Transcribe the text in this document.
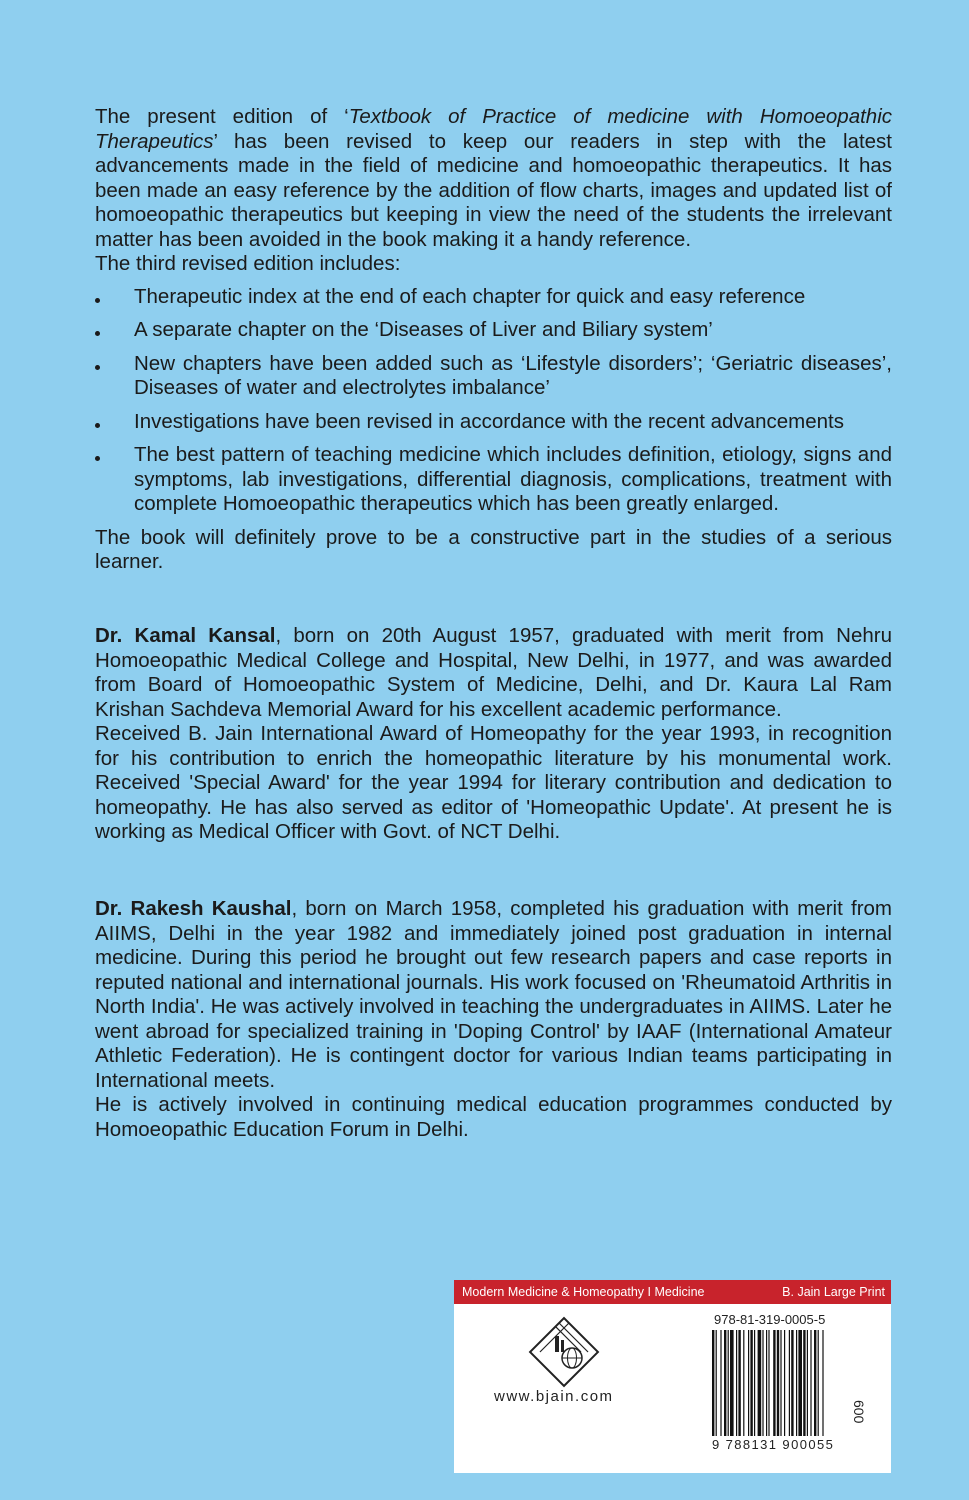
The present edition of ‘Textbook of Practice of medicine with Homoeopathic Therapeutics’ has been revised to keep our readers in step with the latest advancements made in the field of medicine and homoeopathic therapeutics. It has been made an easy reference by the addition of flow charts, images and updated list of homoeopathic therapeutics but keeping in view the need of the students the irrelevant matter has been avoided in the book making it a handy reference.

The third revised edition includes:

Therapeutic index at the end of each chapter for quick and easy reference
A separate chapter on the ‘Diseases of Liver and Biliary system’
New chapters have been added such as ‘Lifestyle disorders’; ‘Geriatric diseases’, Diseases of water and electrolytes imbalance’
Investigations have been revised in accordance with the recent advancements
The best pattern of teaching medicine which includes definition, etiology, signs and symptoms, lab investigations, differential diagnosis, complications, treatment with complete Homoeopathic therapeutics which has been greatly enlarged.

The book will definitely prove to be a constructive part in the studies of a serious learner.

Dr. Kamal Kansal, born on 20th August 1957, graduated with merit from Nehru Homoeopathic Medical College and Hospital, New Delhi, in 1977, and was awarded from Board of Homoeopathic System of Medicine, Delhi, and Dr. Kaura Lal Ram Krishan Sachdeva Memorial Award for his excellent academic performance.

Received B. Jain International Award of Homeopathy for the year 1993, in recognition for his contribution to enrich the homeopathic literature by his monumental work. Received 'Special Award' for the year 1994 for literary contribution and dedication to homeopathy. He has also served as editor of 'Homeopathic Update'. At present he is working as Medical Officer with Govt. of NCT Delhi.

Dr. Rakesh Kaushal, born on March 1958, completed his graduation with merit from AIIMS, Delhi in the year 1982 and immediately joined post graduation in internal medicine. During this period he brought out few research papers and case reports in reputed national and international journals. His work focused on 'Rheumatoid Arthritis in North India'. He was actively involved in teaching the undergraduates in AIIMS. Later he went abroad for specialized training in 'Doping Control' by IAAF (International Amateur Athletic Federation). He is contingent doctor for various Indian teams participating in International meets.

He is actively involved in continuing medical education programmes conducted by Homoeopathic Education Forum in Delhi.

Modern Medicine & Homeopathy I Medicine	B. Jain Large Print
www.bjain.com
978-81-319-0005-5
9 788131 900055
600
